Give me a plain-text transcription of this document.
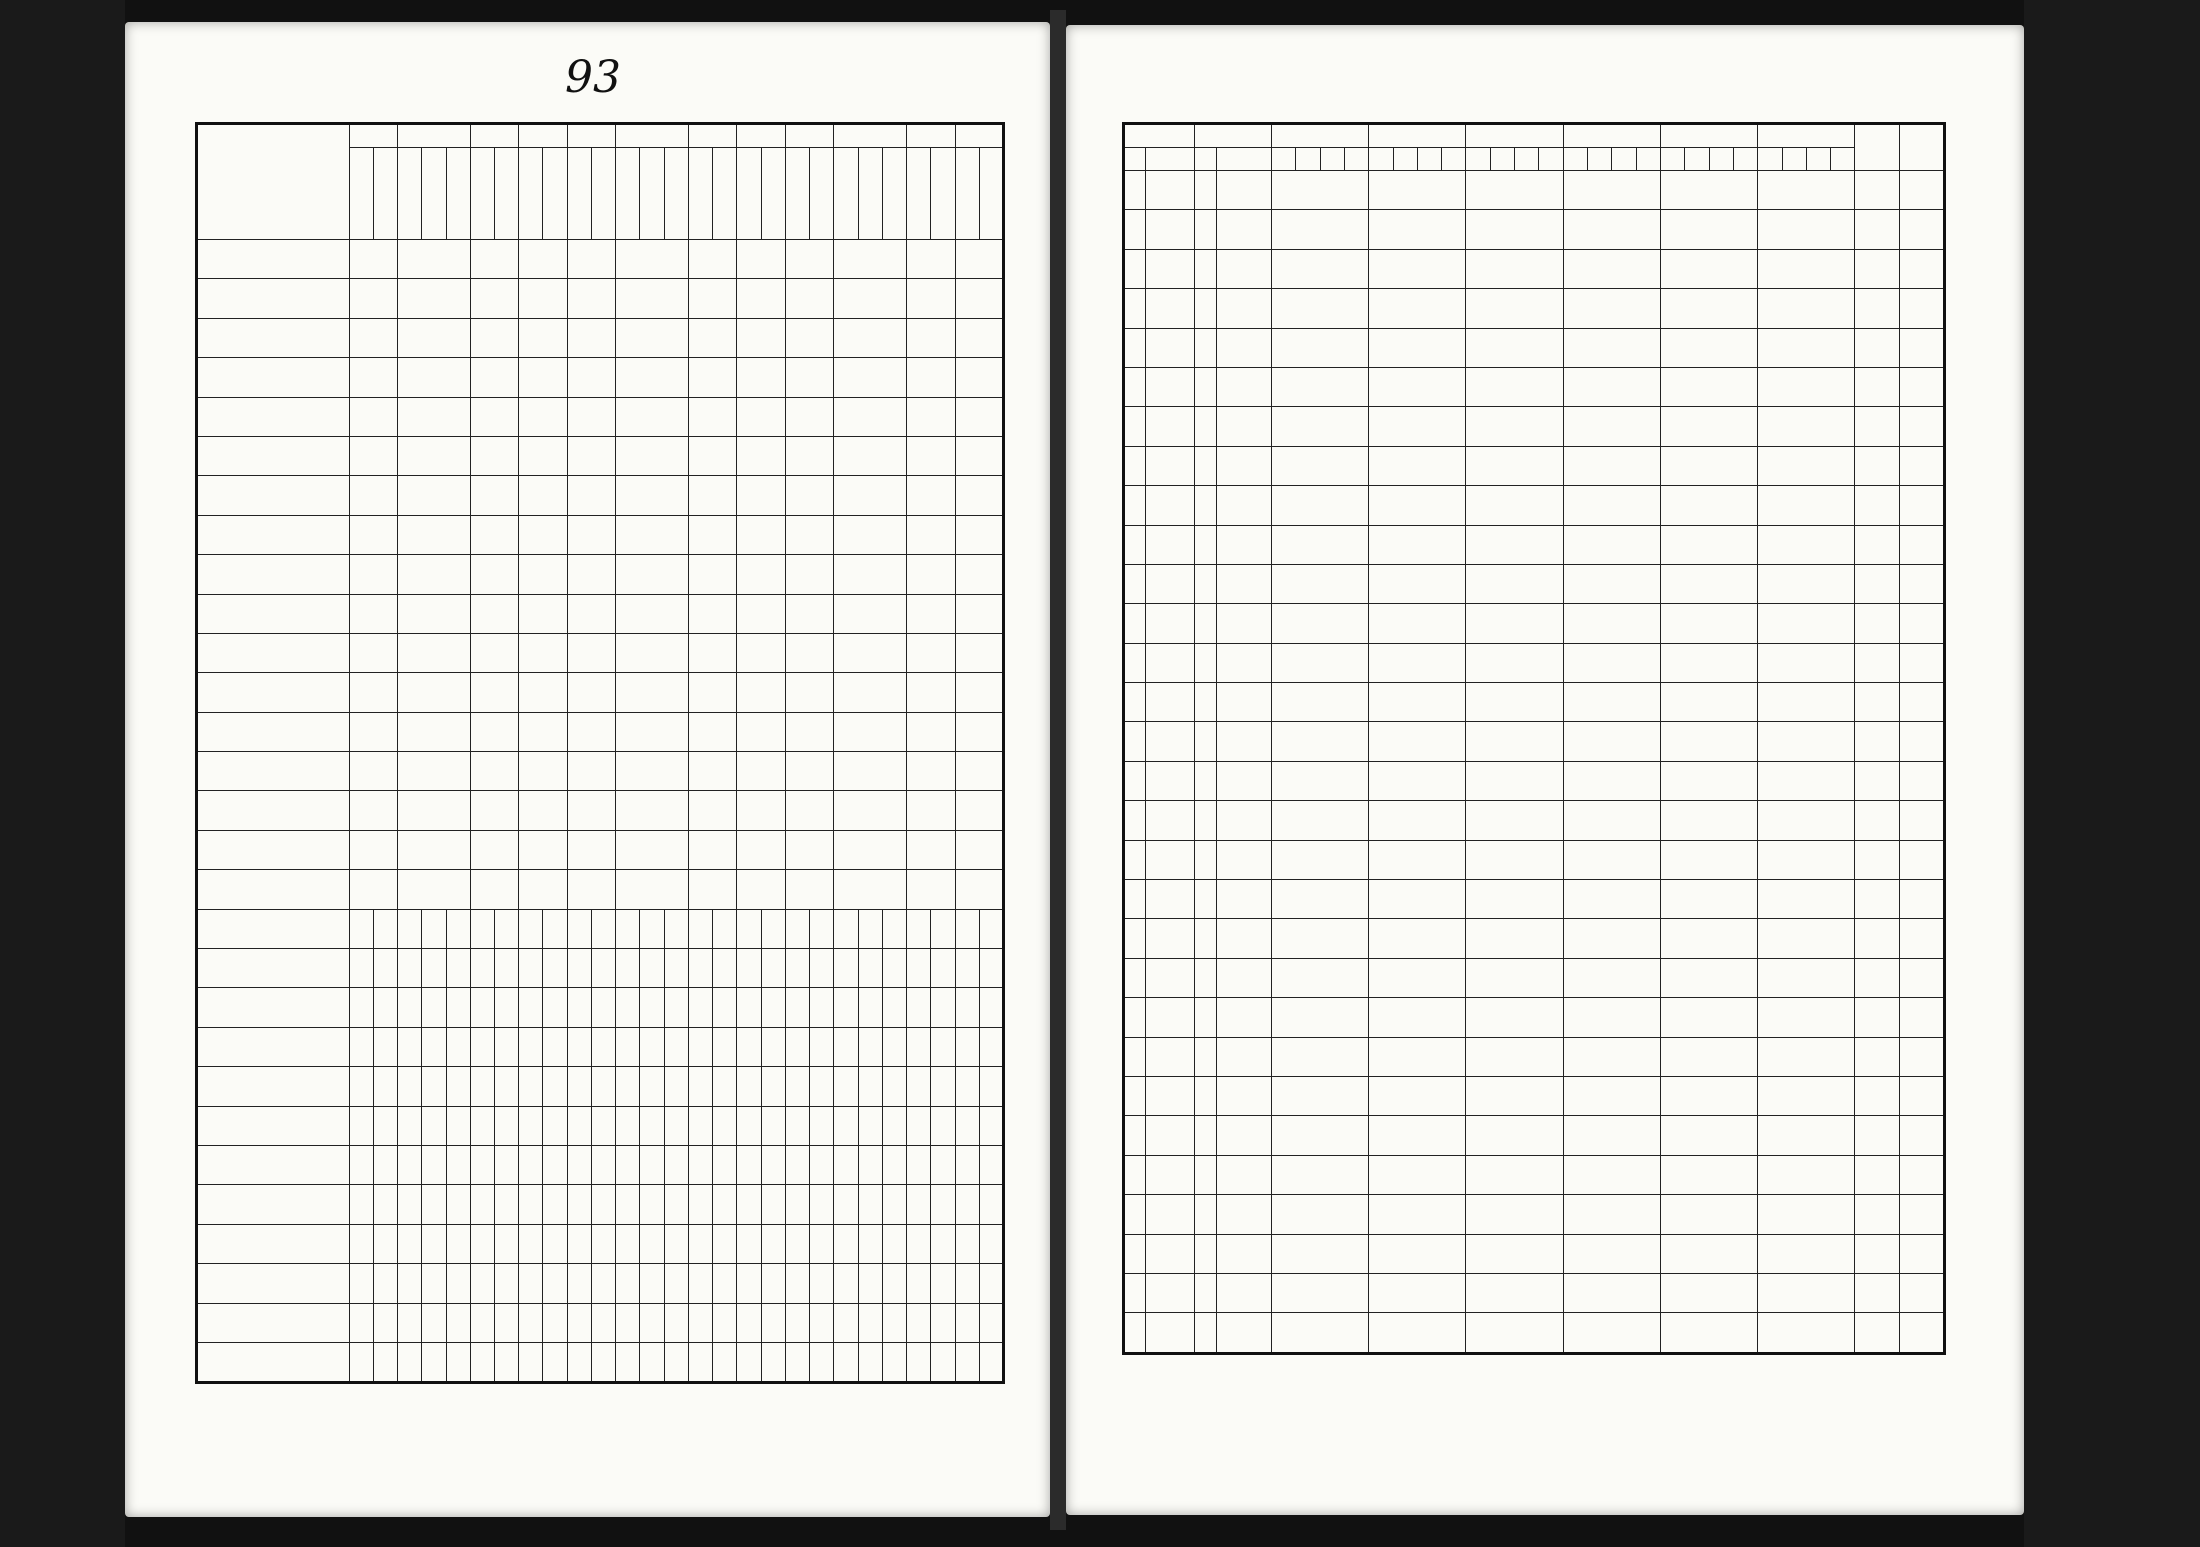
93
